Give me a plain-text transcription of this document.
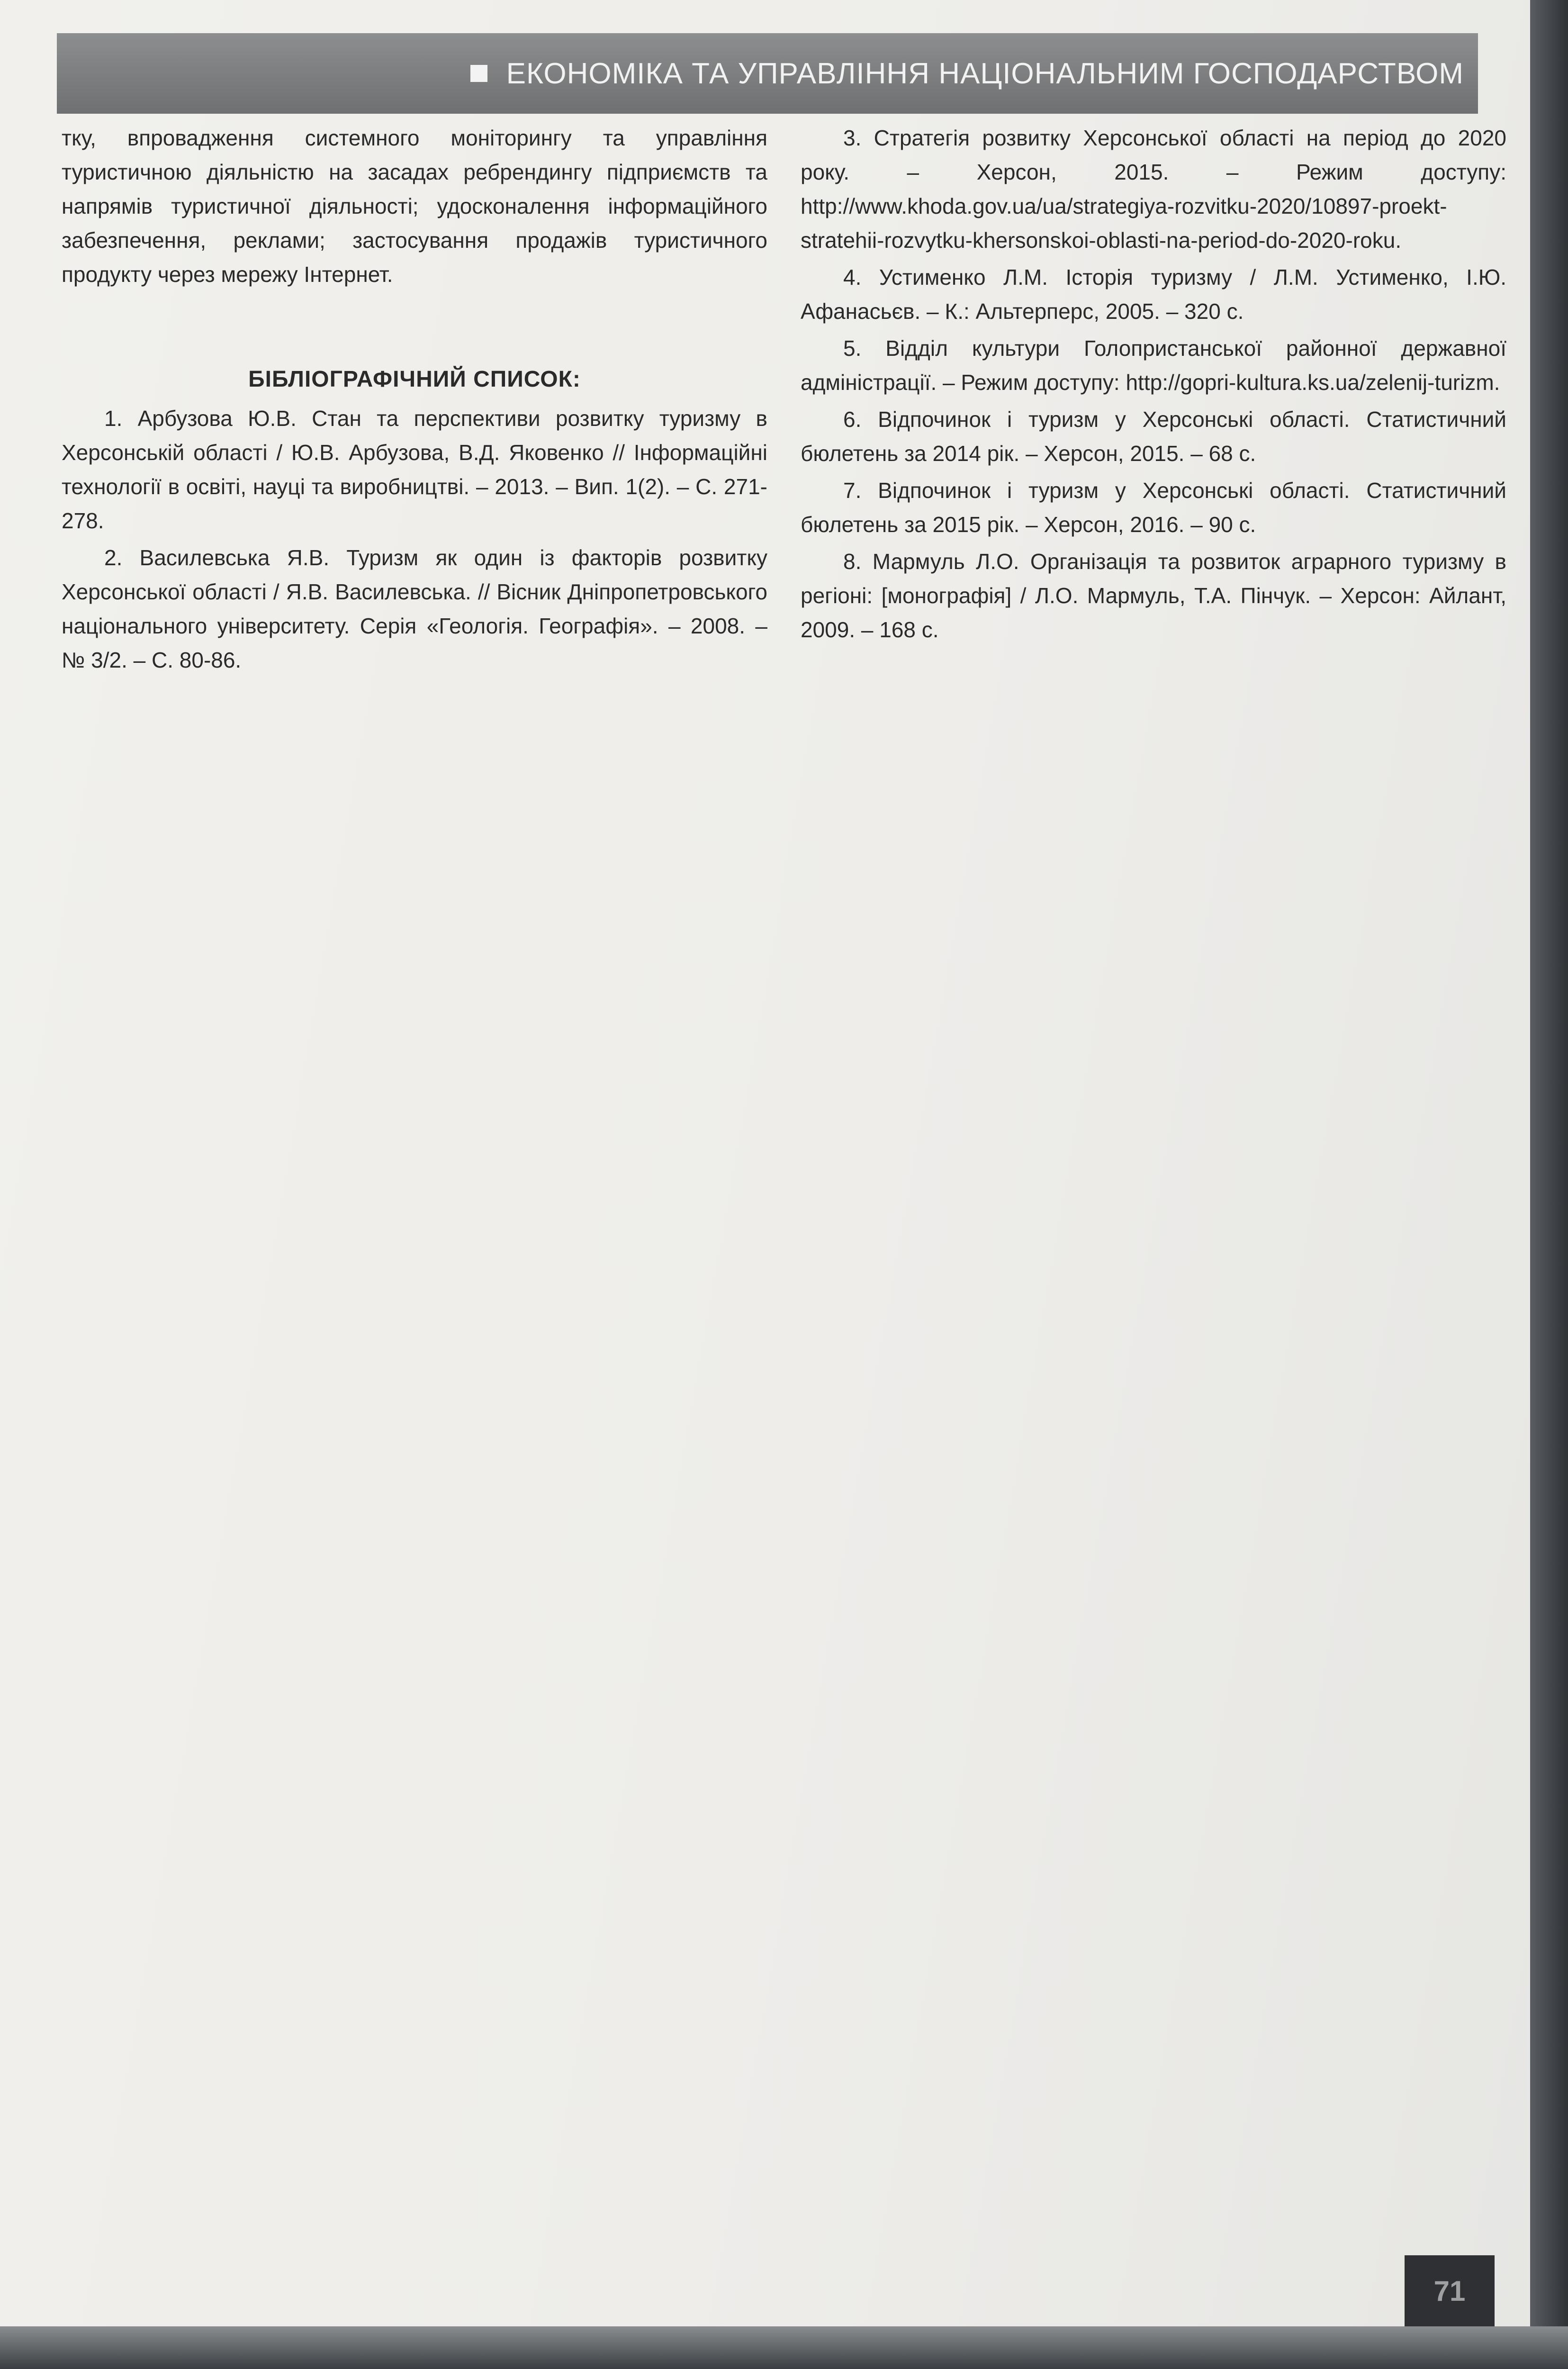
ЕКОНОМІКА ТА УПРАВЛІННЯ НАЦІОНАЛЬНИМ ГОСПОДАРСТВОМ

тку, впровадження системного моніторингу та управління туристичною діяльністю на засадах ребрендингу підприємств та напрямів туристичної діяльності; удосконалення інформаційного забезпечення, реклами; застосування продажів туристичного продукту через мережу Інтернет.

БІБЛІОГРАФІЧНИЙ СПИСОК:

1. Арбузова Ю.В. Стан та перспективи розвитку туризму в Херсонській області / Ю.В. Арбузова, В.Д. Яковенко // Інформаційні технології в освіті, науці та виробництві. – 2013. – Вип. 1(2). – С. 271-278.

2. Василевська Я.В. Туризм як один із факторів розвитку Херсонської області / Я.В. Василевська. // Вісник Дніпропетровського національного університету. Серія «Геологія. Географія». – 2008. – № 3/2. – С. 80-86.

3. Стратегія розвитку Херсонської області на період до 2020 року. – Херсон, 2015. – Режим доступу: http://www.khoda.gov.ua/ua/strategiya-rozvitku-2020/10897-proekt-stratehii-rozvytku-khersonskoi-oblasti-na-period-do-2020-roku.

4. Устименко Л.М. Історія туризму / Л.М. Устименко, І.Ю. Афанасьєв. – К.: Альтерперс, 2005. – 320 с.

5. Відділ культури Голопристанської районної державної адміністрації. – Режим доступу: http://gopri-kultura.ks.ua/zelenij-turizm.

6. Відпочинок і туризм у Херсонські області. Статистичний бюлетень за 2014 рік. – Херсон, 2015. – 68 с.

7. Відпочинок і туризм у Херсонські області. Статистичний бюлетень за 2015 рік. – Херсон, 2016. – 90 с.

8. Мармуль Л.О. Організація та розвиток аграрного туризму в регіоні: [монографія] / Л.О. Мармуль, Т.А. Пінчук. – Херсон: Айлант, 2009. – 168 с.

71
